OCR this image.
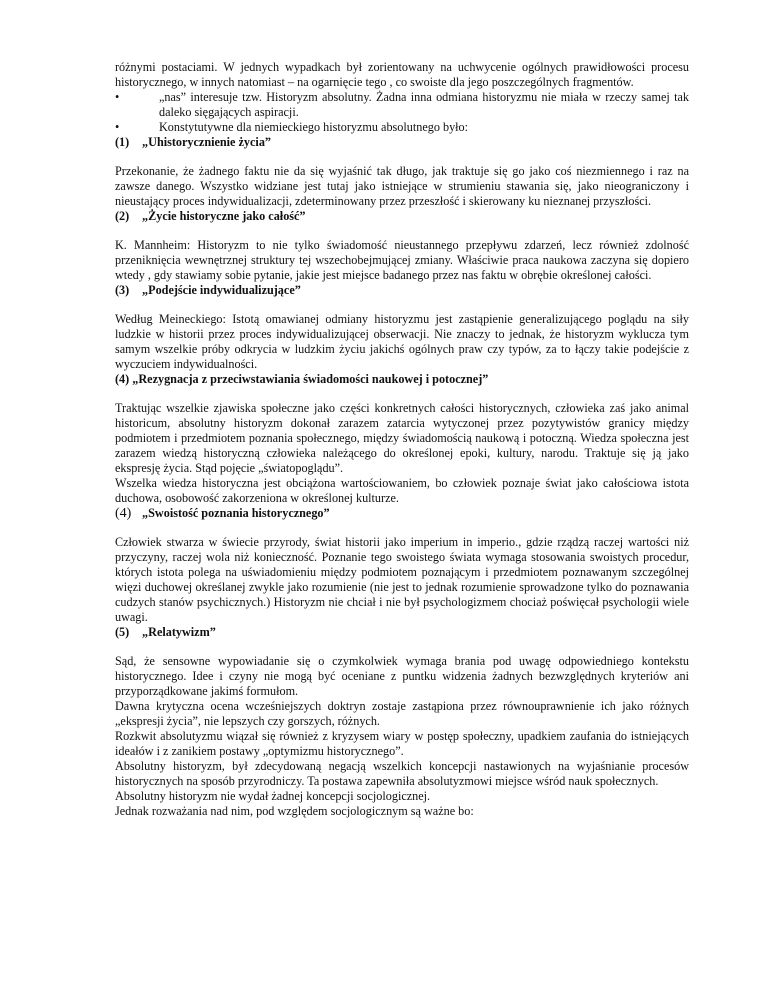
różnymi postaciami. W jednych wypadkach był zorientowany na uchwycenie ogólnych prawidłowości procesu historycznego, w innych natomiast – na ogarnięcie tego , co swoiste dla jego poszczególnych fragmentów.

•	„nas” interesuje tzw. Historyzm absolutny. Żadna inna odmiana historyzmu nie miała w rzeczy samej tak daleko sięgających aspiracji.
•	Konstytutywne dla niemieckiego historyzmu absolutnego było:

(1) „Uhistorycznienie życia”

Przekonanie, że żadnego faktu nie da się wyjaśnić tak długo, jak traktuje się go jako coś niezmiennego i raz na zawsze danego. Wszystko widziane jest tutaj jako istniejące w strumieniu stawania się, jako nieograniczony i nieustający proces indywidualizacji, zdeterminowany przez przeszłość i skierowany ku nieznanej przyszłości.

(2) „Życie historyczne jako całość”

K. Mannheim: Historyzm to nie tylko świadomość nieustannego przepływu zdarzeń, lecz również zdolność przeniknięcia wewnętrznej struktury tej wszechobejmującej zmiany. Właściwie praca naukowa zaczyna się dopiero wtedy , gdy stawiamy sobie pytanie, jakie jest miejsce badanego przez nas faktu w obrębie określonej całości.

(3) „Podejście indywidualizujące”

Według Meineckiego: Istotą omawianej odmiany historyzmu jest zastąpienie generalizującego poglądu na siły ludzkie w historii przez proces indywidualizującej obserwacji. Nie znaczy to jednak, że historyzm wyklucza tym samym wszelkie próby odkrycia w ludzkim życiu jakichś ogólnych praw czy typów, za to łączy takie podejście z wyczuciem indywidualności.

(4) „Rezygnacja z przeciwstawiania świadomości naukowej i potocznej”

Traktując wszelkie zjawiska społeczne jako części konkretnych całości historycznych, człowieka zaś jako animal historicum, absolutny historyzm dokonał zarazem zatarcia wytyczonej przez pozytywistów granicy między podmiotem i przedmiotem poznania społecznego, między świadomością naukową i potoczną. Wiedza społeczna jest zarazem wiedzą historyczną człowieka należącego do określonej epoki, kultury, narodu. Traktuje się ją jako ekspresję życia. Stąd pojęcie „światopoglądu”.

Wszelka wiedza historyczna jest obciążona wartościowaniem, bo człowiek poznaje świat jako całościowa istota duchowa, osobowość zakorzeniona w określonej kulturze.

(4) „Swoistość poznania historycznego”

Człowiek stwarza w świecie przyrody, świat historii jako imperium in imperio., gdzie rządzą raczej wartości niż przyczyny, raczej wola niż konieczność. Poznanie tego swoistego świata wymaga stosowania swoistych procedur, których istota polega na uświadomieniu między podmiotem poznającym i przedmiotem poznawanym szczególnej więzi duchowej określanej zwykle jako rozumienie (nie jest to jednak rozumienie sprowadzone tylko do poznawania cudzych stanów psychicznych.) Historyzm nie chciał i nie był psychologizmem chociaż poświęcał psychologii wiele uwagi.

(5) „Relatywizm”

Sąd, że sensowne wypowiadanie się o czymkolwiek wymaga brania pod uwagę odpowiedniego kontekstu historycznego. Idee i czyny nie mogą być oceniane z puntku widzenia żadnych bezwzględnych kryteriów ani przyporządkowane jakimś formułom.

Dawna krytyczna ocena wcześniejszych doktryn zostaje zastąpiona przez równouprawnienie ich jako różnych „ekspresji życia”, nie lepszych czy gorszych, różnych.

Rozkwit absolutyzmu wiązał się również z kryzysem wiary w postęp społeczny, upadkiem zaufania do istniejących ideałów i z zanikiem postawy „optymizmu historycznego”.

Absolutny historyzm, był zdecydowaną negacją wszelkich koncepcji nastawionych na wyjaśnianie procesów historycznych na sposób przyrodniczy. Ta postawa zapewniła absolutyzmowi miejsce wśród nauk społecznych.

Absolutny historyzm nie wydał żadnej koncepcji socjologicznej.

Jednak rozważania nad nim, pod względem socjologicznym są ważne bo:
